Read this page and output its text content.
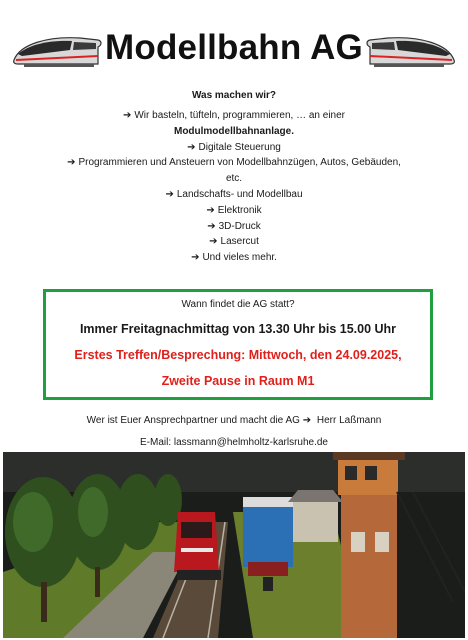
Modellbahn AG
Was machen wir?
➔ Wir basteln, tüfteln, programmieren, … an einer
Modulmodellbahnanlage.
➔ Digitale Steuerung
➔ Programmieren und Ansteuern von Modellbahnzügen, Autos, Gebäuden,
etc.
➔ Landschafts- und Modellbau
➔ Elektronik
➔ 3D-Druck
➔ Lasercut
➔ Und vieles mehr.
Wann findet die AG statt?
Immer Freitagnachmittag von 13.30 Uhr bis 15.00 Uhr
Erstes Treffen/Besprechung: Mittwoch, den 24.09.2025,
Zweite Pause in Raum M1
Wer ist Euer Ansprechpartner und macht die AG ➔ Herr Laßmann
E-Mail: lassmann@helmholtz-karlsruhe.de
